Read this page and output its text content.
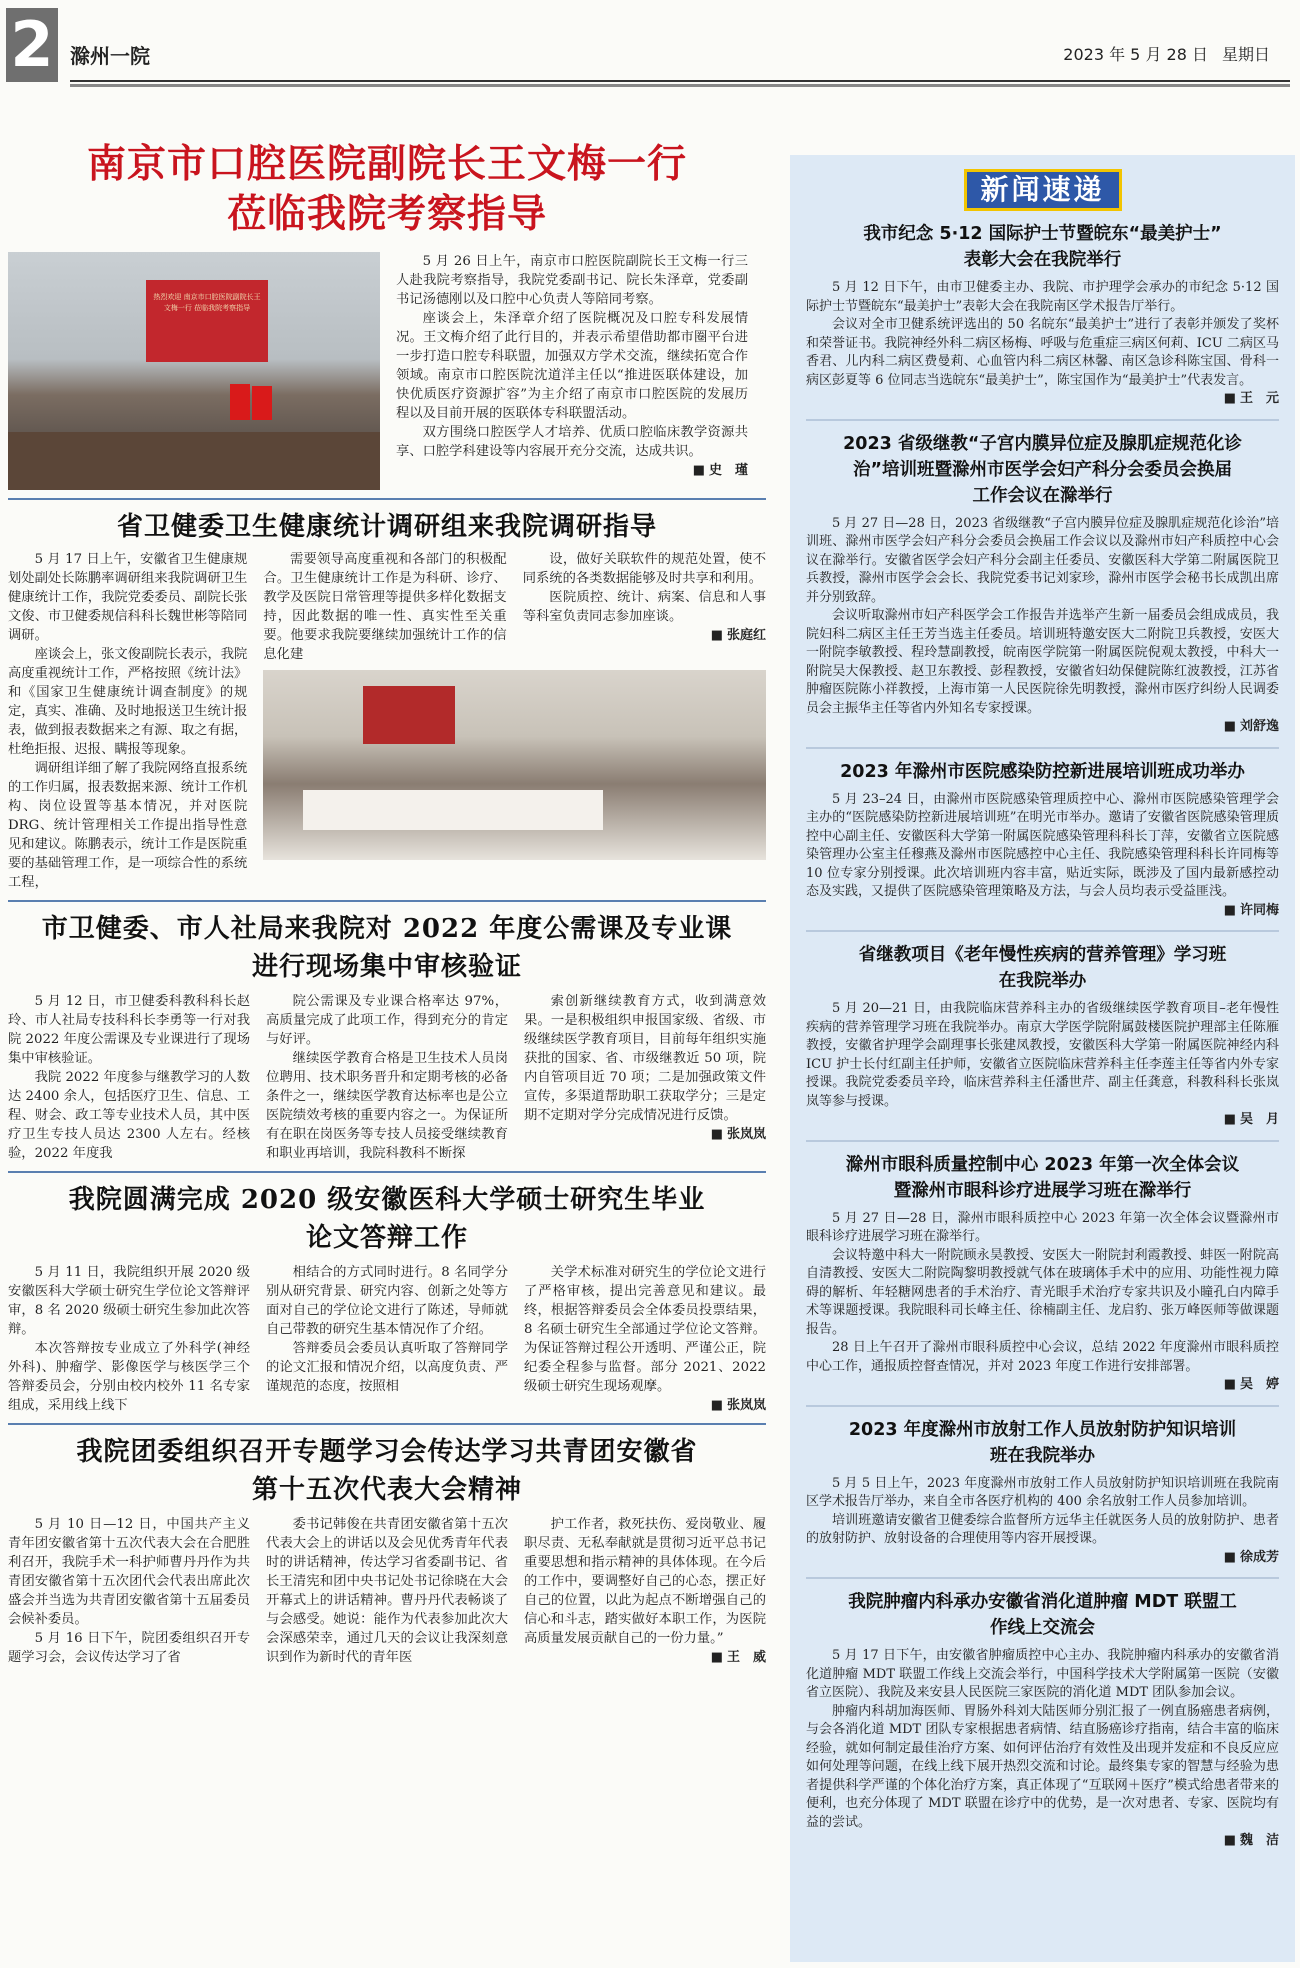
2 滁州一院	2023 年 5 月 28 日 星期日
南京市口腔医院副院长王文梅一行
莅临我院考察指导
热烈欢迎 南京市口腔医院副院长王文梅一行 莅临我院考察指导

5 月 26 日上午，南京市口腔医院副院长王文梅一行三人赴我院考察指导，我院党委副书记、院长朱泽章，党委副书记汤德刚以及口腔中心负责人等陪同考察。

座谈会上，朱泽章介绍了医院概况及口腔专科发展情况。王文梅介绍了此行目的，并表示希望借助都市圈平台进一步打造口腔专科联盟，加强双方学术交流，继续拓宽合作领域。南京市口腔医院沈道洋主任以“推进医联体建设，加快优质医疗资源扩容”为主介绍了南京市口腔医院的发展历程以及目前开展的医联体专科联盟活动。

双方围绕口腔医学人才培养、优质口腔临床教学资源共享、口腔学科建设等内容展开充分交流，达成共识。

■ 史　瑾
省卫健委卫生健康统计调研组来我院调研指导

5 月 17 日上午，安徽省卫生健康规划处副处长陈鹏率调研组来我院调研卫生健康统计工作，我院党委委员、副院长张文俊、市卫健委规信科科长魏世彬等陪同调研。

座谈会上，张文俊副院长表示，我院高度重视统计工作，严格按照《统计法》和《国家卫生健康统计调查制度》的规定，真实、准确、及时地报送卫生统计报表，做到报表数据来之有源、取之有据，杜绝拒报、迟报、瞒报等现象。

调研组详细了解了我院网络直报系统的工作归属，报表数据来源、统计工作机构、岗位设置等基本情况，并对医院 DRG、统计管理相关工作提出指导性意见和建议。陈鹏表示，统计工作是医院重要的基础管理工作，是一项综合性的系统工程，

需要领导高度重视和各部门的积极配合。卫生健康统计工作是为科研、诊疗、教学及医院日常管理等提供多样化数据支持，因此数据的唯一性、真实性至关重要。他要求我院要继续加强统计工作的信息化建

设，做好关联软件的规范处置，使不同系统的各类数据能够及时共享和利用。

医院质控、统计、病案、信息和人事等科室负责同志参加座谈。

■ 张庭红
市卫健委、市人社局来我院对 2022 年度公需课及专业课
进行现场集中审核验证

5 月 12 日，市卫健委科教科科长赵玲、市人社局专技科科长李勇等一行对我院 2022 年度公需课及专业课进行了现场集中审核验证。

我院 2022 年度参与继教学习的人数达 2400 余人，包括医疗卫生、信息、工程、财会、政工等专业技术人员，其中医疗卫生专技人员达 2300 人左右。经核验，2022 年度我

院公需课及专业课合格率达 97%，高质量完成了此项工作，得到充分的肯定与好评。

继续医学教育合格是卫生技术人员岗位聘用、技术职务晋升和定期考核的必备条件之一，继续医学教育达标率也是公立医院绩效考核的重要内容之一。为保证所有在职在岗医务等专技人员接受继续教育和职业再培训，我院科教科不断探

索创新继续教育方式，收到满意效果。一是积极组织申报国家级、省级、市级继续医学教育项目，目前每年组织实施获批的国家、省、市级继教近 50 项，院内自管项目近 70 项；二是加强政策文件宣传，多渠道帮助职工获取学分；三是定期不定期对学分完成情况进行反馈。

■ 张岚岚
我院圆满完成 2020 级安徽医科大学硕士研究生毕业
论文答辩工作

5 月 11 日，我院组织开展 2020 级安徽医科大学硕士研究生学位论文答辩评审，8 名 2020 级硕士研究生参加此次答辩。

本次答辩按专业成立了外科学(神经外科)、肿瘤学、影像医学与核医学三个答辩委员会，分别由校内校外 11 名专家组成，采用线上线下

相结合的方式同时进行。8 名同学分别从研究背景、研究内容、创新之处等方面对自己的学位论文进行了陈述，导师就自己带教的研究生基本情况作了介绍。

答辩委员会委员认真听取了答辩同学的论文汇报和情况介绍，以高度负责、严谨规范的态度，按照相

关学术标准对研究生的学位论文进行了严格审核，提出完善意见和建议。最终，根据答辩委员会全体委员投票结果，8 名硕士研究生全部通过学位论文答辩。为保证答辩过程公开透明、严谨公正，院纪委全程参与监督。部分 2021、2022 级硕士研究生现场观摩。

■ 张岚岚
我院团委组织召开专题学习会传达学习共青团安徽省
第十五次代表大会精神

5 月 10 日—12 日，中国共产主义青年团安徽省第十五次代表大会在合肥胜利召开，我院手术一科护师曹丹丹作为共青团安徽省第十五次团代会代表出席此次盛会并当选为共青团安徽省第十五届委员会候补委员。

5 月 16 日下午，院团委组织召开专题学习会，会议传达学习了省

委书记韩俊在共青团安徽省第十五次代表大会上的讲话以及会见优秀青年代表时的讲话精神，传达学习省委副书记、省长王清宪和团中央书记处书记徐晓在大会开幕式上的讲话精神。曹丹丹代表畅谈了与会感受。她说：能作为代表参加此次大会深感荣幸，通过几天的会议让我深刻意识到作为新时代的青年医

护工作者，救死扶伤、爱岗敬业、履职尽责、无私奉献就是贯彻习近平总书记重要思想和指示精神的具体体现。在今后的工作中，要调整好自己的心态，摆正好自己的位置，以此为起点不断增强自己的信心和斗志，踏实做好本职工作，为医院高质量发展贡献自己的一份力量。”

■ 王　威
新闻速递
我市纪念 5·12 国际护士节暨皖东“最美护士”
表彰大会在我院举行

5 月 12 日下午，由市卫健委主办、我院、市护理学会承办的市纪念 5·12 国际护士节暨皖东“最美护士”表彰大会在我院南区学术报告厅举行。

会议对全市卫健系统评选出的 50 名皖东“最美护士”进行了表彰并颁发了奖杯和荣誉证书。我院神经外科二病区杨梅、呼吸与危重症三病区何莉、ICU 二病区马香君、儿内科二病区费曼莉、心血管内科二病区林馨、南区急诊科陈宝国、骨科一病区彭夏等 6 位同志当选皖东“最美护士”，陈宝国作为“最美护士”代表发言。

■ 王　元
2023 省级继教“子宫内膜异位症及腺肌症规范化诊
治”培训班暨滁州市医学会妇产科分会委员会换届
工作会议在滁举行

5 月 27 日—28 日，2023 省级继教“子宫内膜异位症及腺肌症规范化诊治”培训班、滁州市医学会妇产科分会委员会换届工作会议以及滁州市妇产科质控中心会议在滁举行。安徽省医学会妇产科分会副主任委员、安徽医科大学第二附属医院卫兵教授，滁州市医学会会长、我院党委书记刘家珍，滁州市医学会秘书长成凯出席并分别致辞。

会议听取滁州市妇产科医学会工作报告并选举产生新一届委员会组成成员，我院妇科二病区主任王芳当选主任委员。培训班特邀安医大二附院卫兵教授，安医大一附院李敏教授、程玲慧副教授，皖南医学院第一附属医院倪观太教授，中科大一附院吴大保教授、赵卫东教授、彭程教授，安徽省妇幼保健院陈红波教授，江苏省肿瘤医院陈小祥教授，上海市第一人民医院徐先明教授，滁州市医疗纠纷人民调委员会主振华主任等省内外知名专家授课。

■ 刘舒逸
2023 年滁州市医院感染防控新进展培训班成功举办

5 月 23–24 日，由滁州市医院感染管理质控中心、滁州市医院感染管理学会主办的“医院感染防控新进展培训班”在明光市举办。邀请了安徽省医院感染管理质控中心副主任、安徽医科大学第一附属医院感染管理科科长丁萍，安徽省立医院感染管理办公室主任穆燕及滁州市医院感控中心主任、我院感染管理科科长许同梅等 10 位专家分别授课。此次培训班内容丰富，贴近实际，既涉及了国内最新感控动态及实践，又提供了医院感染管理策略及方法，与会人员均表示受益匪浅。

■ 许同梅
省继教项目《老年慢性疾病的营养管理》学习班
在我院举办

5 月 20—21 日，由我院临床营养科主办的省级继续医学教育项目–老年慢性疾病的营养管理学习班在我院举办。南京大学医学院附属鼓楼医院护理部主任陈雁教授，安徽省护理学会副理事长张建凤教授，安徽医科大学第一附属医院神经内科 ICU 护士长付红副主任护师，安徽省立医院临床营养科主任李莲主任等省内外专家授课。我院党委委员辛玲，临床营养科主任潘世芹、副主任龚意，科教科科长张岚岚等参与授课。

■ 吴　月
滁州市眼科质量控制中心 2023 年第一次全体会议
暨滁州市眼科诊疗进展学习班在滁举行

5 月 27 日—28 日，滁州市眼科质控中心 2023 年第一次全体会议暨滁州市眼科诊疗进展学习班在滁举行。

会议特邀中科大一附院顾永昊教授、安医大一附院封利霞教授、蚌医一附院高自清教授、安医大二附院陶黎明教授就气体在玻璃体手术中的应用、功能性视力障碍的解析、年轻糖网患者的手术治疗、青光眼手术治疗专家共识及小瞳孔白内障手术等课题授课。我院眼科司长峰主任、徐楠副主任、龙启豹、张万峰医师等做课题报告。

28 日上午召开了滁州市眼科质控中心会议，总结 2022 年度滁州市眼科质控中心工作，通报质控督查情况，并对 2023 年度工作进行安排部署。

■ 吴　婷
2023 年度滁州市放射工作人员放射防护知识培训
班在我院举办

5 月 5 日上午，2023 年度滁州市放射工作人员放射防护知识培训班在我院南区学术报告厅举办，来自全市各医疗机构的 400 余名放射工作人员参加培训。

培训班邀请安徽省卫健委综合监督所方远华主任就医务人员的放射防护、患者的放射防护、放射设备的合理使用等内容开展授课。

■ 徐成芳
我院肿瘤内科承办安徽省消化道肿瘤 MDT 联盟工
作线上交流会

5 月 17 日下午，由安徽省肿瘤质控中心主办、我院肿瘤内科承办的安徽省消化道肿瘤 MDT 联盟工作线上交流会举行，中国科学技术大学附属第一医院（安徽省立医院）、我院及来安县人民医院三家医院的消化道 MDT 团队参加会议。

肿瘤内科胡加海医师、胃肠外科刘大陆医师分别汇报了一例直肠癌患者病例，与会各消化道 MDT 团队专家根据患者病情、结直肠癌诊疗指南，结合丰富的临床经验，就如何制定最佳治疗方案、如何评估治疗有效性及出现并发症和不良反应应如何处理等问题，在线上线下展开热烈交流和讨论。最终集专家的智慧与经验为患者提供科学严谨的个体化治疗方案，真正体现了“互联网＋医疗”模式给患者带来的便利，也充分体现了 MDT 联盟在诊疗中的优势，是一次对患者、专家、医院均有益的尝试。

■ 魏　洁
